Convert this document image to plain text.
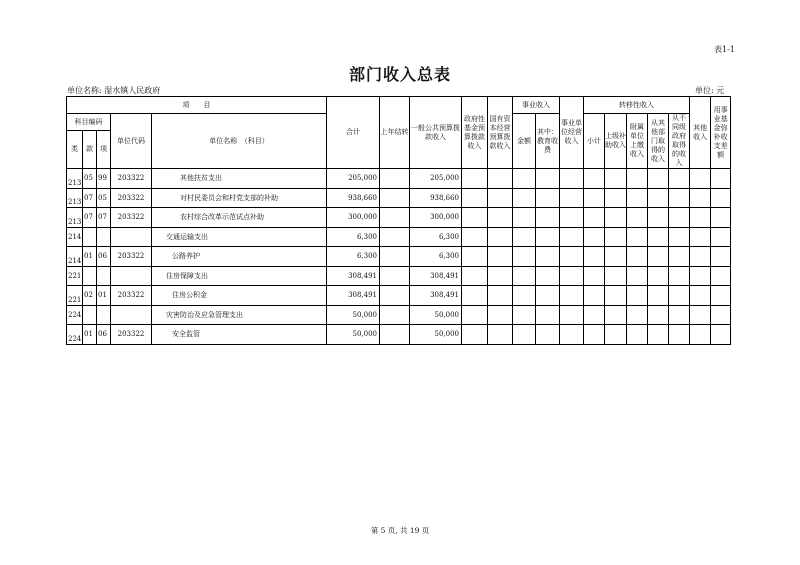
表1-1
部门收入总表
单位名称: 湿水镇人民政府	单位: 元
项　　目					合计	上年结转	一般公共预算拨款收入	政府性基金预算拨款收入	国有资本经营预算拨款收入	事业收入		事业单位经营收入	转移性收入					其他收入	用事业基金弥补收支差额
科目编码			单位代码	单位名称　（科目）						金额	其中：教育收费		小计	上级补助收入	附属单位上缴收入	从其他部门取得的收入	从不同级政府取得的收入		
类	款	项																	
213	05	99	203322	其他扶贫支出	205,000		205,000												
213	07	05	203322	对村民委员会和村党支部的补助	938,660		938,660												
213	07	07	203322	农村综合改革示范试点补助	300,000		300,000												
214				交通运输支出	6,300		6,300												
214	01	06	203322	公路养护	6,300		6,300												
221				住房保障支出	308,491		308,491												
221	02	01	203322	住房公积金	308,491		308,491												
224				灾害防治及应急管理支出	50,000		50,000												
224	01	06	203322	安全监管	50,000		50,000												
第 5 页, 共 19 页
